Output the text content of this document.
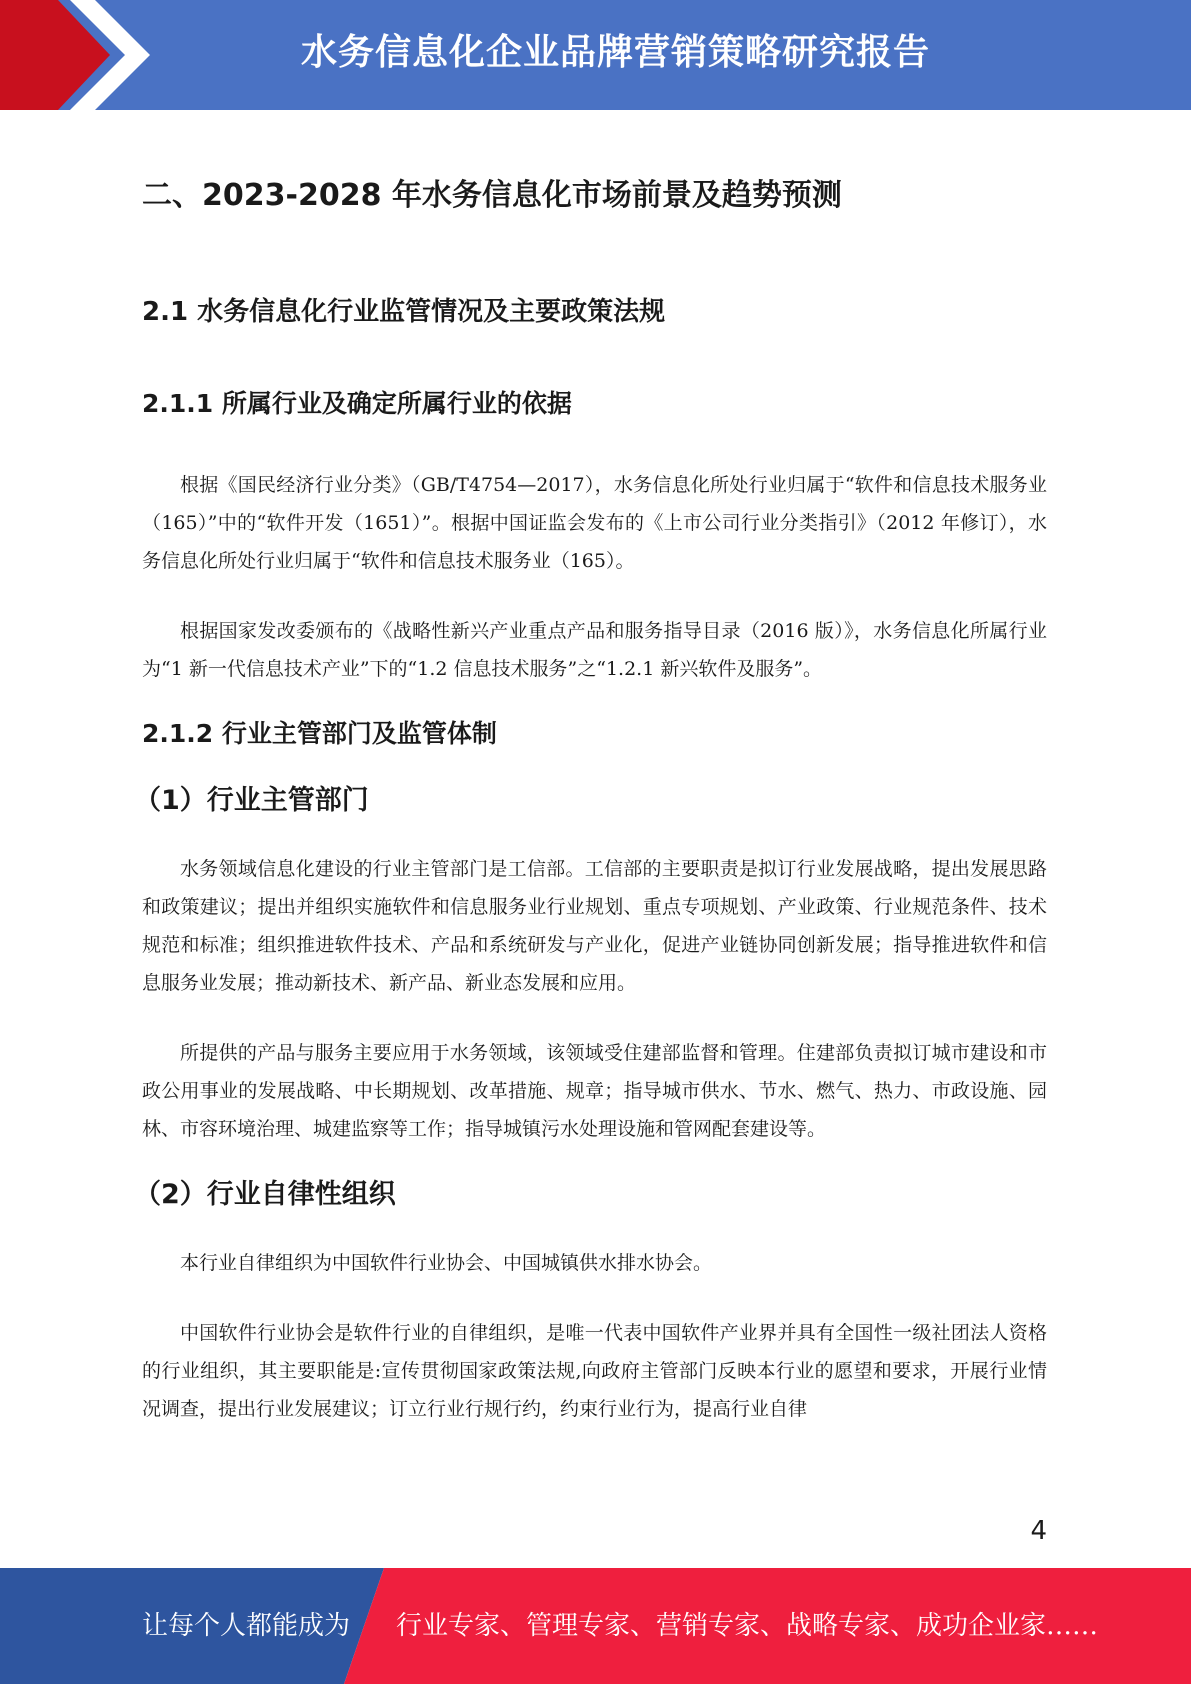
水务信息化企业品牌营销策略研究报告
二、2023-2028 年水务信息化市场前景及趋势预测
2.1 水务信息化行业监管情况及主要政策法规
2.1.1 所属行业及确定所属行业的依据

根据《国民经济行业分类》（GB/T4754—2017），水务信息化所处行业归属于“软件和信息技术服务业（165）”中的“软件开发（1651）”。根据中国证监会发布的《上市公司行业分类指引》（2012 年修订），水务信息化所处行业归属于“软件和信息技术服务业（165）。

根据国家发改委颁布的《战略性新兴产业重点产品和服务指导目录（2016 版）》，水务信息化所属行业为“1 新一代信息技术产业”下的“1.2 信息技术服务”之“1.2.1 新兴软件及服务”。

2.1.2 行业主管部门及监管体制
（1）行业主管部门

水务领域信息化建设的行业主管部门是工信部。工信部的主要职责是拟订行业发展战略，提出发展思路和政策建议；提出并组织实施软件和信息服务业行业规划、重点专项规划、产业政策、行业规范条件、技术规范和标准；组织推进软件技术、产品和系统研发与产业化，促进产业链协同创新发展；指导推进软件和信息服务业发展；推动新技术、新产品、新业态发展和应用。

所提供的产品与服务主要应用于水务领域，该领域受住建部监督和管理。住建部负责拟订城市建设和市政公用事业的发展战略、中长期规划、改革措施、规章；指导城市供水、节水、燃气、热力、市政设施、园林、市容环境治理、城建监察等工作；指导城镇污水处理设施和管网配套建设等。

（2）行业自律性组织

本行业自律组织为中国软件行业协会、中国城镇供水排水协会。

中国软件行业协会是软件行业的自律组织，是唯一代表中国软件产业界并具有全国性一级社团法人资格的行业组织，其主要职能是:宣传贯彻国家政策法规,向政府主管部门反映本行业的愿望和要求，开展行业情况调查，提出行业发展建议；订立行业行规行约，约束行业行为，提高行业自律

4
让每个人都能成为 行业专家、管理专家、营销专家、战略专家、成功企业家……
